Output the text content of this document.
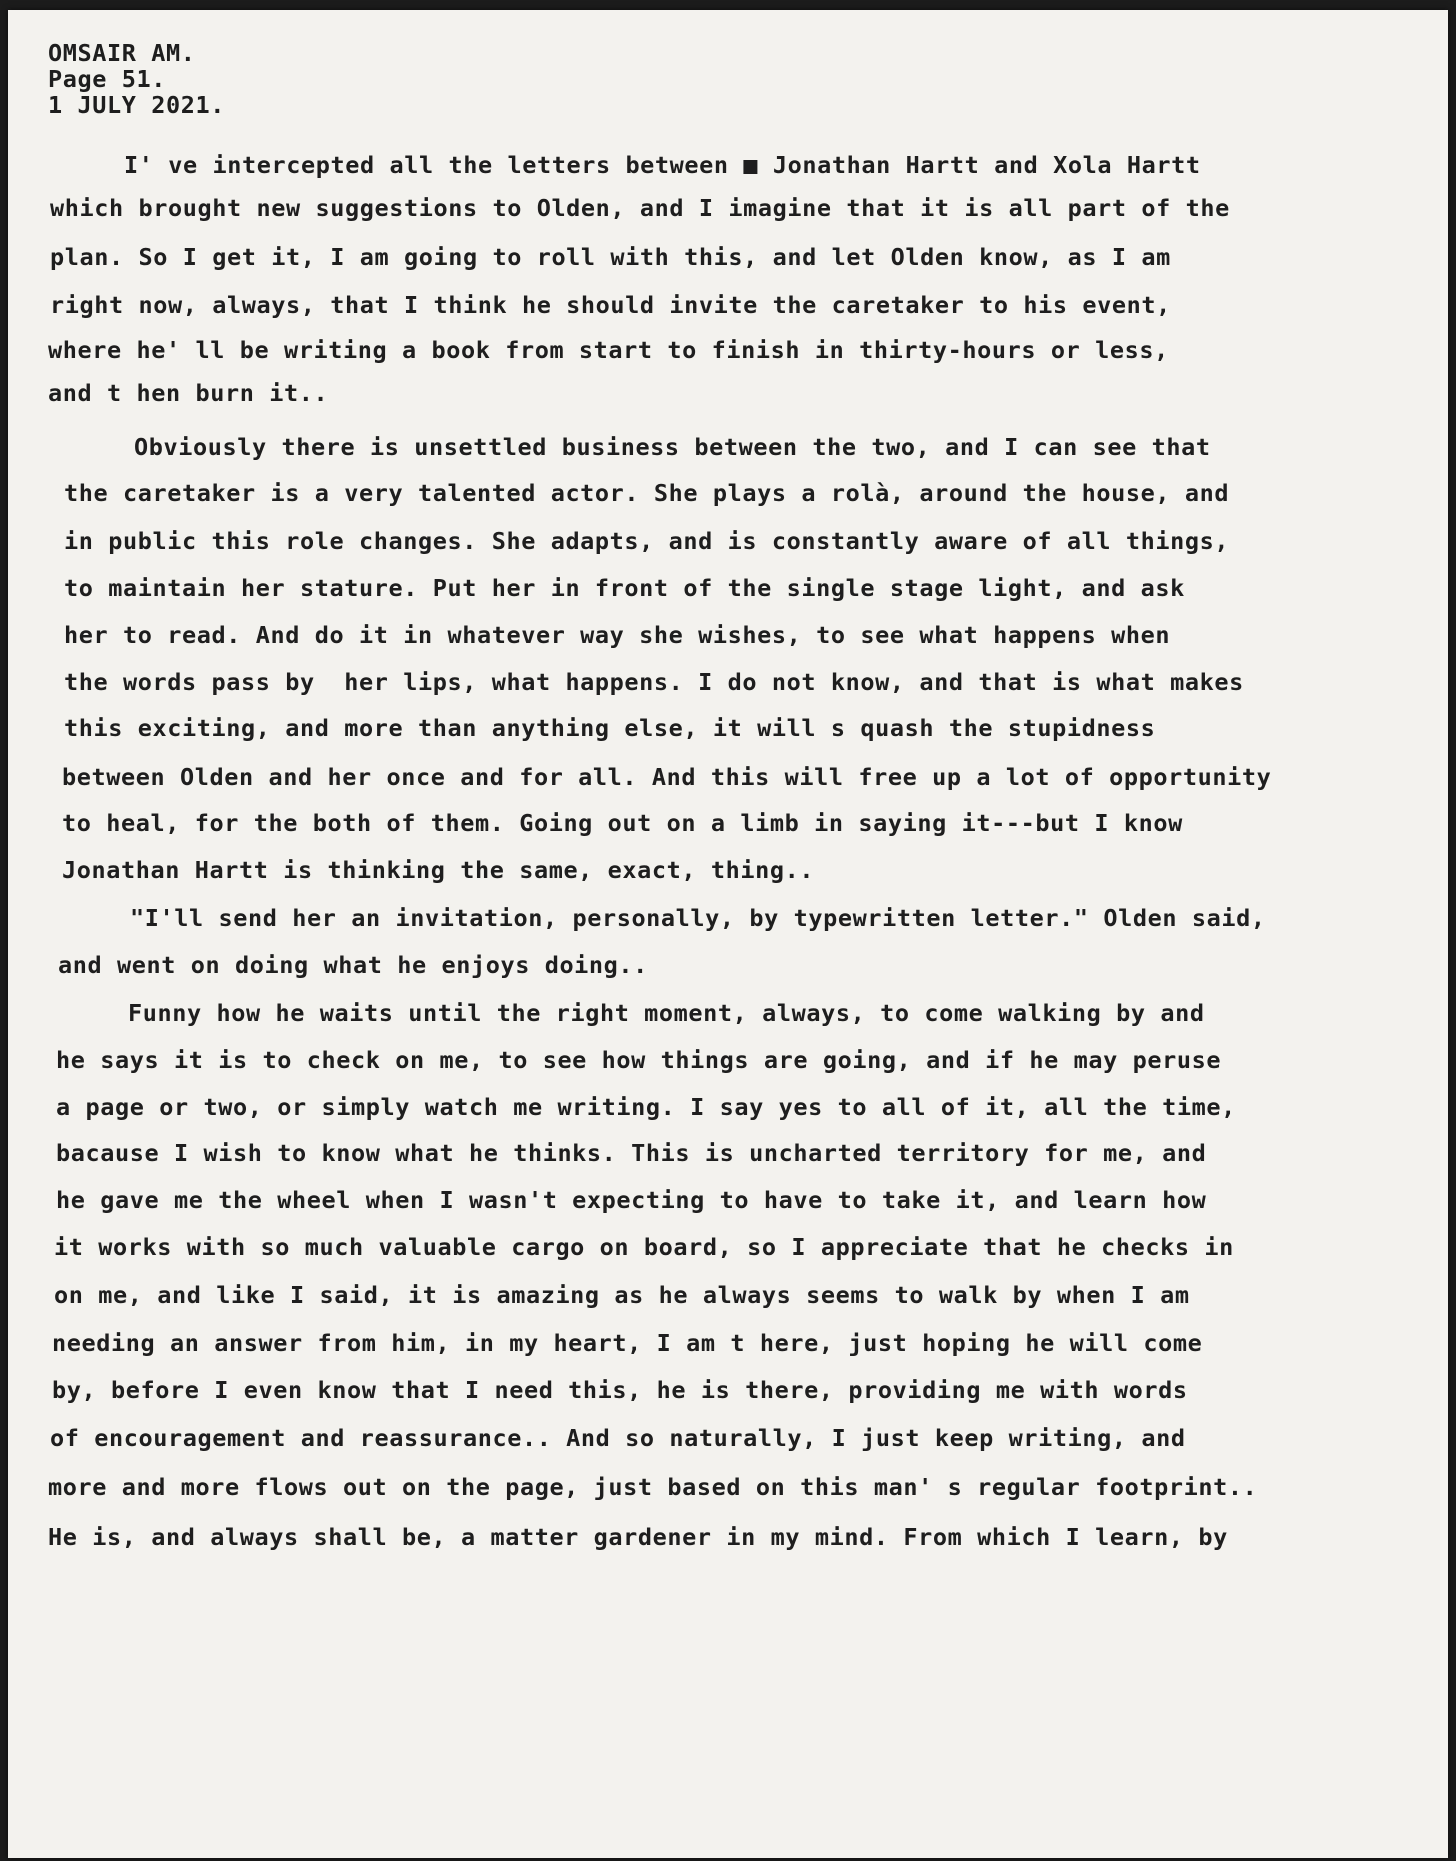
OMSAIR AM.

Page 51.

1 JULY 2021.

I' ve intercepted all the letters between ■ Jonathan Hartt and Xola Hartt

which brought new suggestions to Olden, and I imagine that it is all part of the

plan. So I get it, I am going to roll with this, and let Olden know, as I am

right now, always, that I think he should invite the caretaker to his event,

where he' ll be writing a book from start to finish in thirty-hours or less,

and t hen burn it..

Obviously there is unsettled business between the two, and I can see that

the caretaker is a very talented actor. She plays a rolà, around the house, and

in public this role changes. She adapts, and is constantly aware of all things,

to maintain her stature. Put her in front of the single stage light, and ask

her to read. And do it in whatever way she wishes, to see what happens when

the words pass by  her lips, what happens. I do not know, and that is what makes

this exciting, and more than anything else, it will s quash the stupidness

between Olden and her once and for all. And this will free up a lot of opportunity

to heal, for the both of them. Going out on a limb in saying it---but I know

Jonathan Hartt is thinking the same, exact, thing..

"I'll send her an invitation, personally, by typewritten letter." Olden said,

and went on doing what he enjoys doing..

Funny how he waits until the right moment, always, to come walking by and

he says it is to check on me, to see how things are going, and if he may peruse

a page or two, or simply watch me writing. I say yes to all of it, all the time,

bacause I wish to know what he thinks. This is uncharted territory for me, and

he gave me the wheel when I wasn't expecting to have to take it, and learn how

it works with so much valuable cargo on board, so I appreciate that he checks in

on me, and like I said, it is amazing as he always seems to walk by when I am

needing an answer from him, in my heart, I am t here, just hoping he will come

by, before I even know that I need this, he is there, providing me with words

of encouragement and reassurance.. And so naturally, I just keep writing, and

more and more flows out on the page, just based on this man' s regular footprint..

He is, and always shall be, a matter gardener in my mind. From which I learn, by
